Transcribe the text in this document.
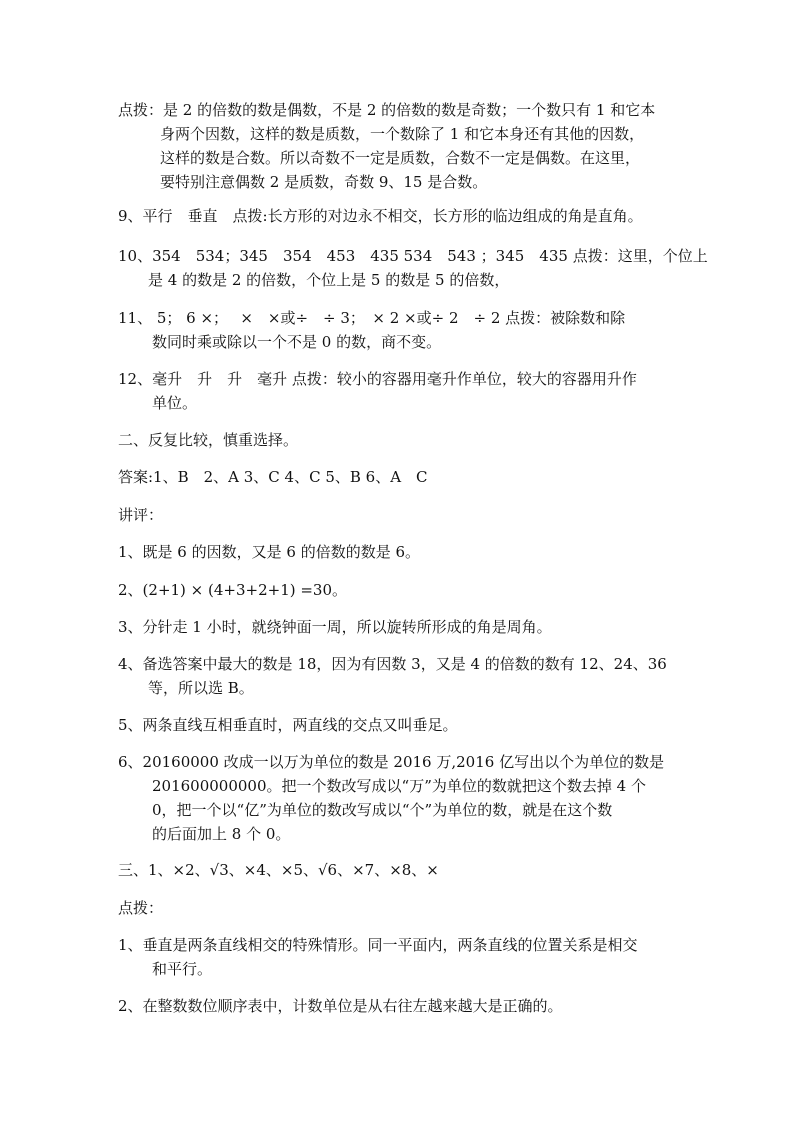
点拨：是 2 的倍数的数是偶数，不是 2 的倍数的数是奇数；一个数只有 1 和它本
身两个因数，这样的数是质数，一个数除了 1 和它本身还有其他的因数，
这样的数是合数。所以奇数不一定是质数，合数不一定是偶数。在这里，
要特别注意偶数 2 是质数，奇数 9、15 是合数。
9、平行　垂直　点拨:长方形的对边永不相交，长方形的临边组成的角是直角。
10、354　534；345　354　453　435 534　543 ；345　435 点拨：这里，个位上
是 4 的数是 2 的倍数，个位上是 5 的数是 5 的倍数，
11、 5； 6 ×；　 ×　×或÷　÷ 3；　× 2 ×或÷ 2　÷ 2 点拨：被除数和除
数同时乘或除以一个不是 0 的数，商不变。
12、毫升　升　升　毫升 点拨：较小的容器用毫升作单位，较大的容器用升作
单位。
二、反复比较，慎重选择。
答案:1、B　2、A 3、C 4、C 5、B 6、A　C
讲评：
1、既是 6 的因数，又是 6 的倍数的数是 6。
2、(2+1) × (4+3+2+1) =30。
3、分针走 1 小时，就绕钟面一周，所以旋转所形成的角是周角。
4、备选答案中最大的数是 18，因为有因数 3，又是 4 的倍数的数有 12、24、36
等，所以选 B。
5、两条直线互相垂直时，两直线的交点又叫垂足。
6、20160000 改成一以万为单位的数是 2016 万,2016 亿写出以个为单位的数是
201600000000。把一个数改写成以“万”为单位的数就把这个数去掉 4 个
0，把一个以“亿”为单位的数改写成以“个”为单位的数，就是在这个数
的后面加上 8 个 0。
三、1、×2、√3、×4、×5、√6、×7、×8、×
点拨：
1、垂直是两条直线相交的特殊情形。同一平面内，两条直线的位置关系是相交
和平行。
2、在整数数位顺序表中，计数单位是从右往左越来越大是正确的。
